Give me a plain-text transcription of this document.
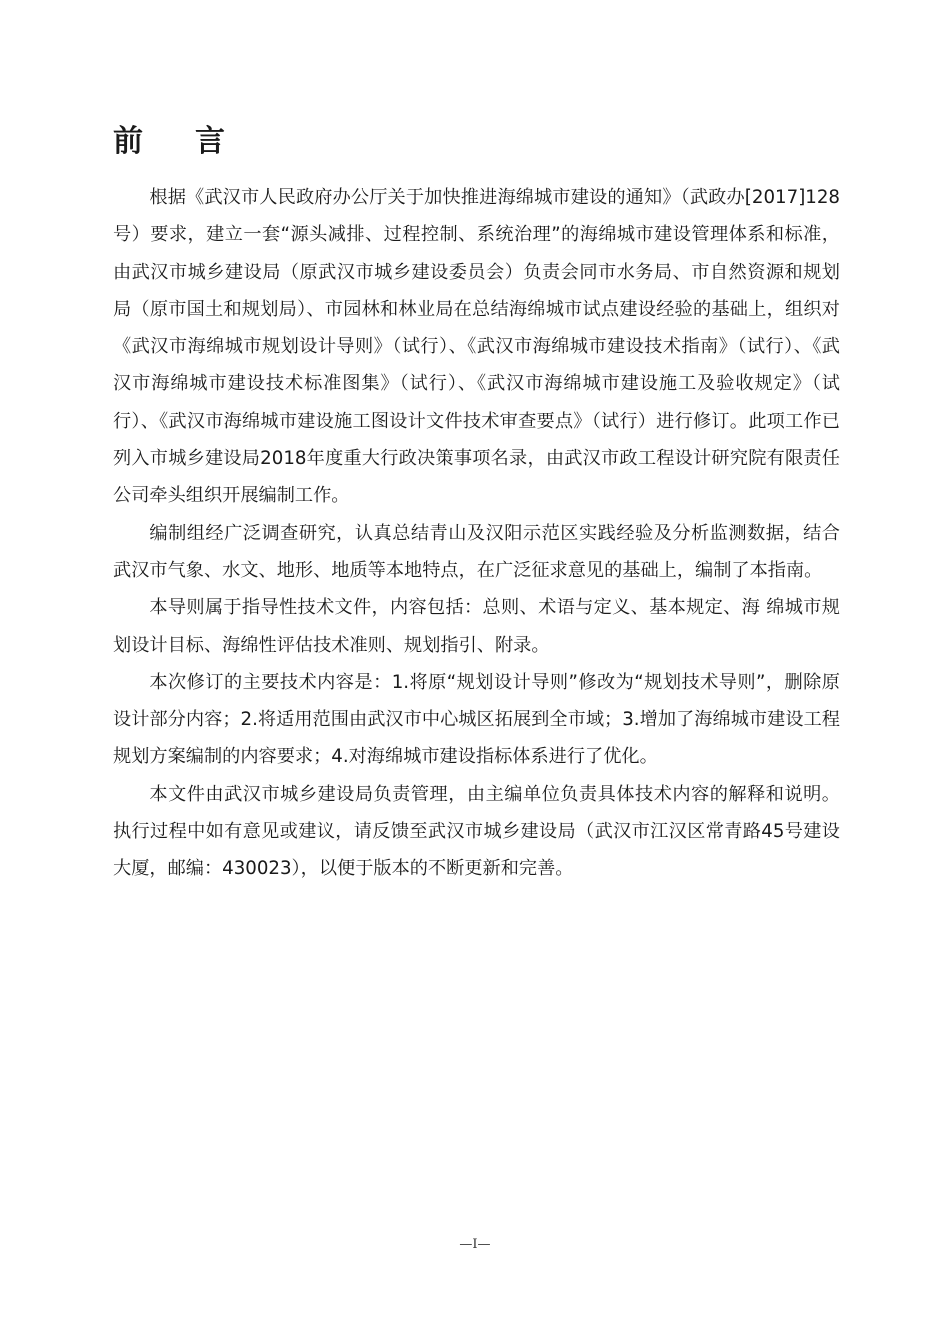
前言

根据《武汉市人民政府办公厅关于加快推进海绵城市建设的通知》（武政办[2017]128号）要求，建立一套“源头减排、过程控制、系统治理”的海绵城市建设管理体系和标准，由武汉市城乡建设局（原武汉市城乡建设委员会）负责会同市水务局、市自然资源和规划局（原市国土和规划局）、市园林和林业局在总结海绵城市试点建设经验的基础上，组织对《武汉市海绵城市规划设计导则》（试行）、《武汉市海绵城市建设技术指南》（试行）、《武汉市海绵城市建设技术标准图集》（试行）、《武汉市海绵城市建设施工及验收规定》（试行）、《武汉市海绵城市建设施工图设计文件技术审查要点》（试行）进行修订。此项工作已列入市城乡建设局2018年度重大行政决策事项名录，由武汉市政工程设计研究院有限责任公司牵头组织开展编制工作。

编制组经广泛调查研究，认真总结青山及汉阳示范区实践经验及分析监测数据，结合武汉市气象、水文、地形、地质等本地特点，在广泛征求意见的基础上，编制了本指南。

本导则属于指导性技术文件，内容包括：总则、术语与定义、基本规定、海 绵城市规划设计目标、海绵性评估技术准则、规划指引、附录。

本次修订的主要技术内容是：1.将原“规划设计导则”修改为“规划技术导则”，删除原设计部分内容；2.将适用范围由武汉市中心城区拓展到全市域；3.增加了海绵城市建设工程规划方案编制的内容要求；4.对海绵城市建设指标体系进行了优化。

本文件由武汉市城乡建设局负责管理，由主编单位负责具体技术内容的解释和说明。执行过程中如有意见或建议，请反馈至武汉市城乡建设局（武汉市江汉区常青路45号建设大厦，邮编：430023），以便于版本的不断更新和完善。

—I—
